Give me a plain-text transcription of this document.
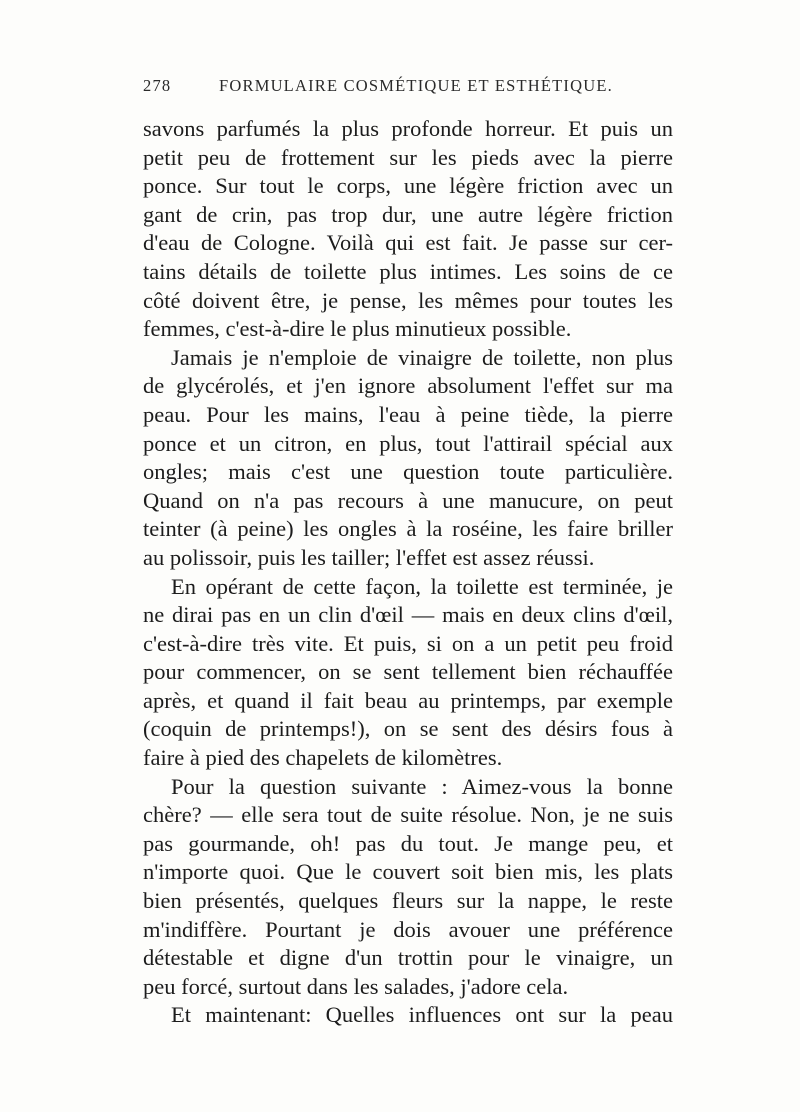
278	FORMULAIRE COSMÉTIQUE ET ESTHÉTIQUE.
savons parfumés la plus profonde horreur. Et puis un
petit peu de frottement sur les pieds avec la pierre
ponce. Sur tout le corps, une légère friction avec un
gant de crin, pas trop dur, une autre légère friction
d'eau de Cologne. Voilà qui est fait. Je passe sur cer-
tains détails de toilette plus intimes. Les soins de ce
côté doivent être, je pense, les mêmes pour toutes les
femmes, c'est-à-dire le plus minutieux possible.
Jamais je n'emploie de vinaigre de toilette, non plus
de glycérolés, et j'en ignore absolument l'effet sur ma
peau. Pour les mains, l'eau à peine tiède, la pierre
ponce et un citron, en plus, tout l'attirail spécial aux
ongles; mais c'est une question toute particulière.
Quand on n'a pas recours à une manucure, on peut
teinter (à peine) les ongles à la roséine, les faire briller
au polissoir, puis les tailler; l'effet est assez réussi.
En opérant de cette façon, la toilette est terminée, je
ne dirai pas en un clin d'œil — mais en deux clins d'œil,
c'est-à-dire très vite. Et puis, si on a un petit peu froid
pour commencer, on se sent tellement bien réchauffée
après, et quand il fait beau au printemps, par exemple
(coquin de printemps!), on se sent des désirs fous à
faire à pied des chapelets de kilomètres.
Pour la question suivante : Aimez-vous la bonne
chère? — elle sera tout de suite résolue. Non, je ne suis
pas gourmande, oh! pas du tout. Je mange peu, et
n'importe quoi. Que le couvert soit bien mis, les plats
bien présentés, quelques fleurs sur la nappe, le reste
m'indiffère. Pourtant je dois avouer une préférence
détestable et digne d'un trottin pour le vinaigre, un
peu forcé, surtout dans les salades, j'adore cela.
Et maintenant: Quelles influences ont sur la peau
